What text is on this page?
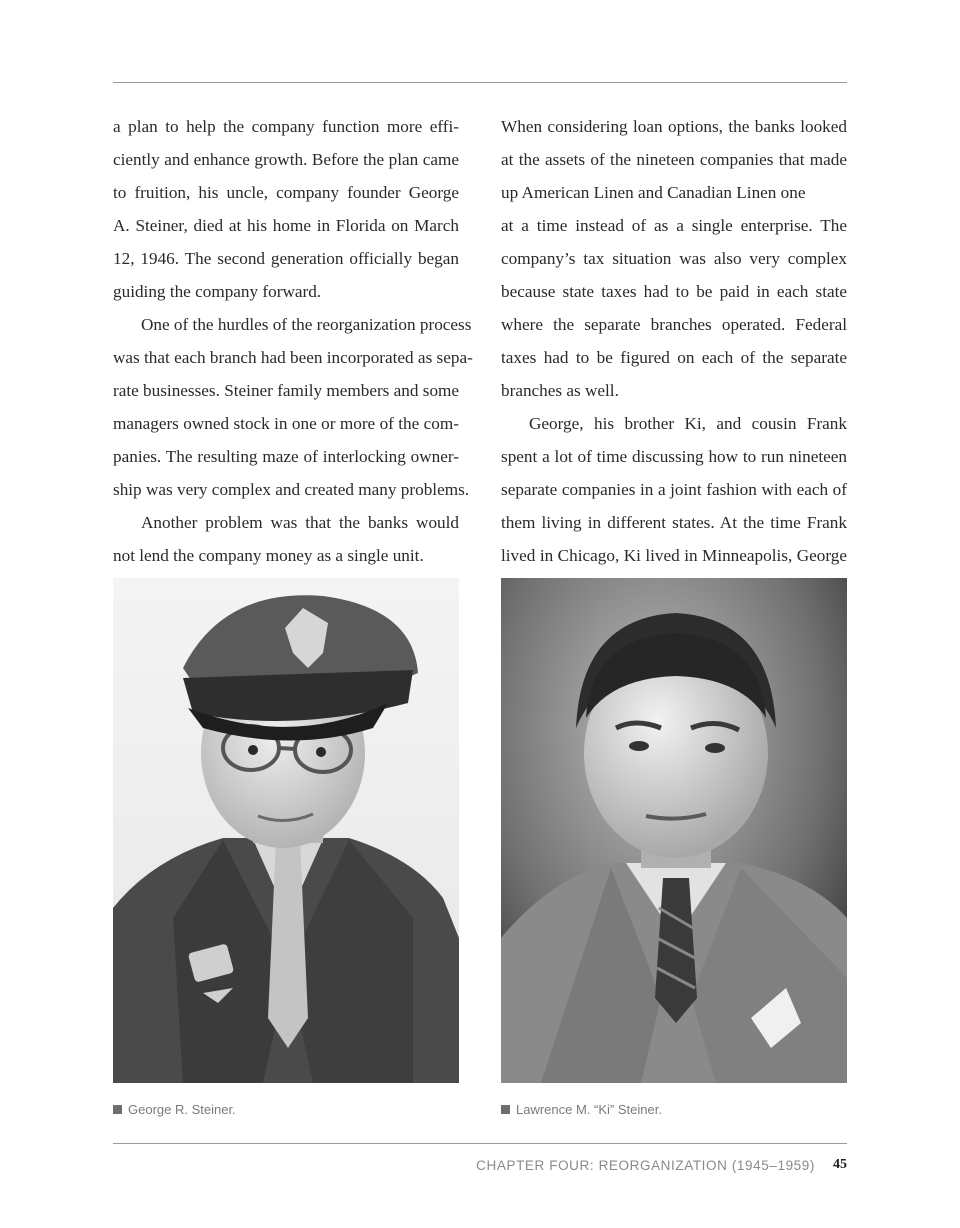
a plan to help the company function more effi-
ciently and enhance growth. Before the plan came
to fruition, his uncle, company founder George
A. Steiner, died at his home in Florida on March
12, 1946. The second generation officially began
guiding the company forward.
One of the hurdles of the reorganization process
was that each branch had been incorporated as sepa-
rate businesses. Steiner family members and some
managers owned stock in one or more of the com-
panies. The resulting maze of interlocking owner-
ship was very complex and created many problems.
Another problem was that the banks would
not lend the company money as a single unit.
When considering loan options, the banks looked
at the assets of the nineteen companies that made
up American Linen and Canadian Linen one
at a time instead of as a single enterprise. The
company’s tax situation was also very complex
because state taxes had to be paid in each state
where the separate branches operated. Federal
taxes had to be figured on each of the separate
branches as well.
George, his brother Ki, and cousin Frank
spent a lot of time discussing how to run nineteen
separate companies in a joint fashion with each of
them living in different states. At the time Frank
lived in Chicago, Ki lived in Minneapolis, George
George R. Steiner.	Lawrence M. “Ki” Steiner.
CHAPTER FOUR: REORGANIZATION (1945–1959) 45
